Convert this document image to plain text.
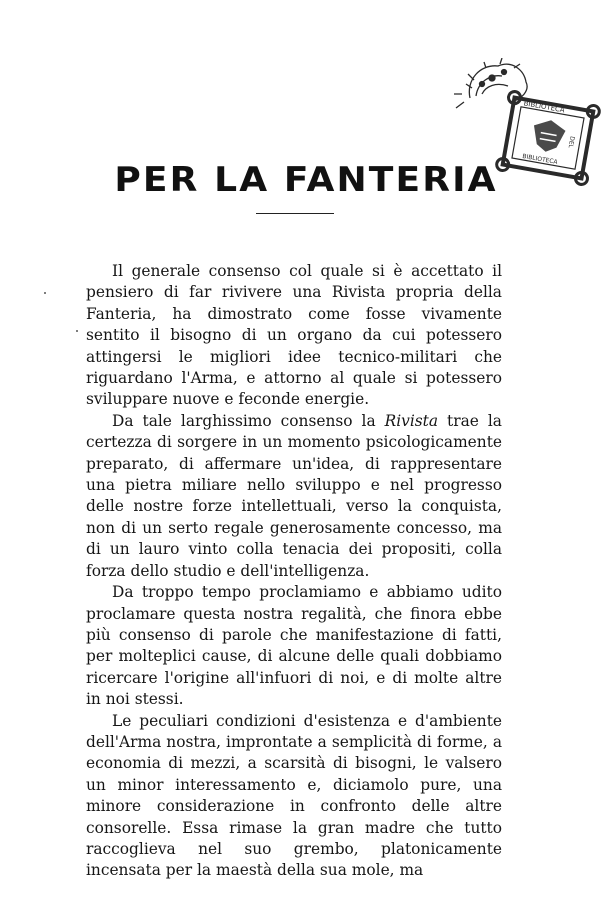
BIBLIOTECA
DEL
BIBLIOTECA
PER LA FANTERIA

Il generale consenso col quale si è accettato il pensiero di far rivivere una Rivista propria della Fanteria, ha dimostrato come fosse vivamente sentito il bisogno di un organo da cui potessero attingersi le migliori idee tecnico-militari che riguardano l'Arma, e attorno al quale si potessero sviluppare nuove e feconde energie.

Da tale larghissimo consenso la Rivista trae la certezza di sorgere in un momento psicologicamente preparato, di affermare un'idea, di rappresentare una pietra miliare nello sviluppo e nel progresso delle nostre forze intellettuali, verso la conquista, non di un serto regale generosamente concesso, ma di un lauro vinto colla tenacia dei propositi, colla forza dello studio e dell'intelligenza.

Da troppo tempo proclamiamo e abbiamo udito proclamare questa nostra regalità, che finora ebbe più consenso di parole che manifestazione di fatti, per molteplici cause, di alcune delle quali dobbiamo ricercare l'origine all'infuori di noi, e di molte altre in noi stessi.

Le peculiari condizioni d'esistenza e d'ambiente dell'Arma nostra, improntate a semplicità di forme, a economia di mezzi, a scarsità di bisogni, le valsero un minor interessamento e, diciamolo pure, una minore considerazione in confronto delle altre consorelle. Essa rimase la gran madre che tutto raccoglieva nel suo grembo, platonicamente incensata per la maestà della sua mole, ma
